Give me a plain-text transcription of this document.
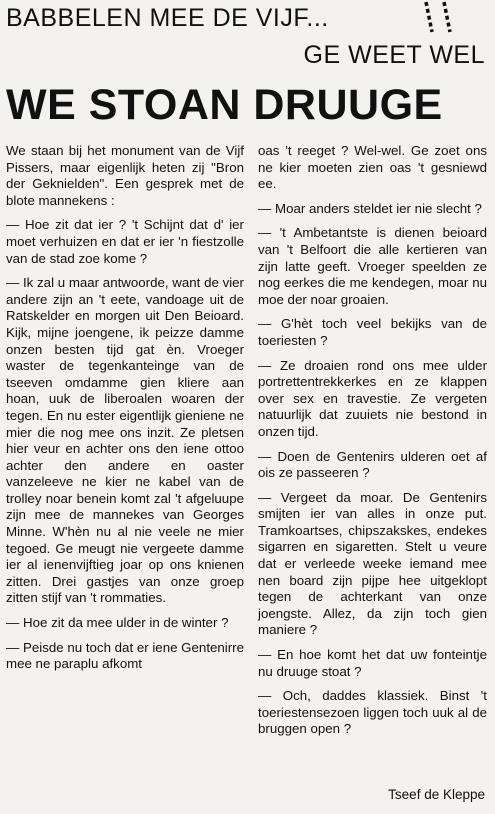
BABBELEN MEE DE VIJF...
GE WEET WEL
WE STOAN DRUUGE

We staan bij het monument van de Vijf Pissers, maar eigenlijk heten zij "Bron der Geknielden". Een gesprek met de blote mannekens :

— Hoe zit dat ier ? 't Schijnt dat d' ier moet verhuizen en dat er ier 'n fiestzolle van de stad zoe kome ?

— Ik zal u maar antwoorde, want de vier andere zijn an 't eete, vandoage uit de Ratskelder en morgen uit Den Beioard. Kijk, mijne joengene, ik peizze damme onzen besten tijd gat èn. Vroeger waster de tegenkanteinge van de tseeven omdamme gien kliere aan hoan, uuk de liberoalen woaren der tegen. En nu ester eigentlijk gieniene ne mier die nog mee ons inzit. Ze pletsen hier veur en achter ons den iene ottoo achter den andere en oaster vanzeleeve ne kier ne kabel van de trolley noar benein komt zal 't afgeluupe zijn mee de mannekes van Georges Minne. W'hèn nu al nie veele ne mier tegoed. Ge meugt nie vergeete damme ier al ienenvijftieg joar op ons knienen zitten. Drei gastjes van onze groep zitten stijf van 't rommaties.

— Hoe zit da mee ulder in de winter ?

— Peisde nu toch dat er iene Gentenirre mee ne paraplu afkomt

oas 't reeget ? Wel-wel. Ge zoet ons ne kier moeten zien oas 't gesniewd ee.

— Moar anders steldet ier nie slecht ?

— 't Ambetantste is dienen beioard van 't Belfoort die alle kertieren van zijn latte geeft. Vroeger speelden ze nog eerkes die me kendegen, moar nu moe der noar groaien.

— G'hèt toch veel bekijks van de toeriesten ?

— Ze droaien rond ons mee ulder portrettentrekkerkes en ze klappen over sex en travestie. Ze vergeten natuurlijk dat zuuiets nie bestond in onzen tijd.

— Doen de Gentenirs ulderen oet af ois ze passeeren ?

— Vergeet da moar. De Gentenirs smijten ier van alles in onze put. Tramkoartses, chipszakskes, endekes sigarren en sigaretten. Stelt u veure dat er verleede weeke iemand mee nen board zijn pijpe hee uitgeklopt tegen de achterkant van onze joengste. Allez, da zijn toch gien maniere ?

— En hoe komt het dat uw fonteintje nu druuge stoat ?

— Och, daddes klassiek. Binst 't toeriestensezoen liggen toch uuk al de bruggen open ?

Tseef de Kleppe
